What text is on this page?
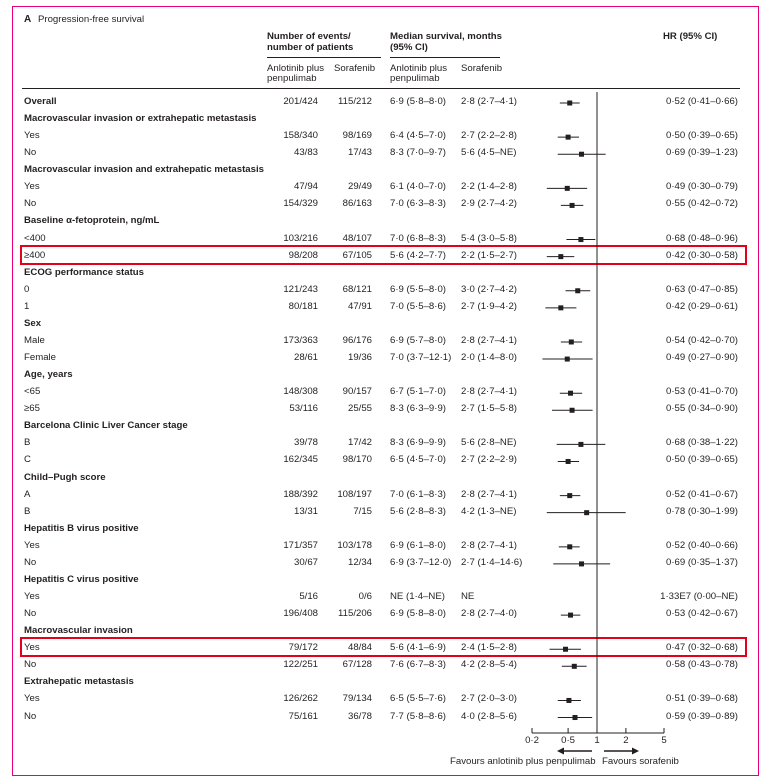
A Progression-free survival
Number of events/
number of patients
Median survival, months
(95% CI)
HR (95% CI)
Anlotinib plus
penpulimab
Sorafenib Anlotinib plus
penpulimab
Sorafenib
Overall	201/424 115/212 6·9 (5·8–8·0) 2·8 (2·7–4·1)	0·52 (0·41–0·66)
Macrovascular invasion or extrahepatic metastasis
Yes	158/340	98/169 6·4 (4·5–7·0) 2·7 (2·2–2·8)	0·50 (0·39–0·65)
No	43/83	17/43 8·3 (7·0–9·7) 5·6 (4·5–NE)	0·69 (0·39–1·23)
Macrovascular invasion and extrahepatic metastasis
Yes	47/94	29/49 6·1 (4·0–7·0) 2·2 (1·4–2·8)	0·49 (0·30–0·79)
No	154/329	86/163 7·0 (6·3–8·3) 2·9 (2·7–4·2)	0·55 (0·42–0·72)
Baseline α-fetoprotein, ng/mL
<400	103/216	48/107 7·0 (6·8–8·3) 5·4 (3·0–5·8)	0·68 (0·48–0·96)
≥400	98/208	67/105 5·6 (4·2–7·7) 2·2 (1·5–2·7)	0·42 (0·30–0·58)
ECOG performance status
0	121/243	68/121 6·9 (5·5–8·0) 3·0 (2·7–4·2)	0·63 (0·47–0·85)
1	80/181	47/91 7·0 (5·5–8·6) 2·7 (1·9–4·2)	0·42 (0·29–0·61)
Sex
Male	173/363	96/176 6·9 (5·7–8·0) 2·8 (2·7–4·1)	0·54 (0·42–0·70)
Female	28/61	19/36 7·0 (3·7–12·1) 2·0 (1·4–8·0)	0·49 (0·27–0·90)
Age, years
<65	148/308	90/157 6·7 (5·1–7·0) 2·8 (2·7–4·1)	0·53 (0·41–0·70)
≥65	53/116	25/55 8·3 (6·3–9·9) 2·7 (1·5–5·8)	0·55 (0·34–0·90)
Barcelona Clinic Liver Cancer stage
B	39/78	17/42 8·3 (6·9–9·9) 5·6 (2·8–NE)	0·68 (0·38–1·22)
C	162/345	98/170 6·5 (4·5–7·0) 2·7 (2·2–2·9)	0·50 (0·39–0·65)
Child–Pugh score
A	188/392 108/197 7·0 (6·1–8·3) 2·8 (2·7–4·1)	0·52 (0·41–0·67)
B	13/31	7/15 5·6 (2·8–8·3) 4·2 (1·3–NE)	0·78 (0·30–1·99)
Hepatitis B virus positive
Yes	171/357 103/178 6·9 (6·1–8·0) 2·8 (2·7–4·1)	0·52 (0·40–0·66)
No	30/67	12/34 6·9 (3·7–12·0) 2·7 (1·4–14·6)	0·69 (0·35–1·37)
Hepatitis C virus positive
Yes	5/16	0/6 NE (1·4–NE) NE	1·33E7 (0·00–NE)
No	196/408 115/206 6·9 (5·8–8·0) 2·8 (2·7–4·0)	0·53 (0·42–0·67)
Macrovascular invasion
Yes	79/172	48/84 5·6 (4·1–6·9) 2·4 (1·5–2·8)	0·47 (0·32–0·68)
No	122/251	67/128 7·6 (6·7–8·3) 4·2 (2·8–5·4)	0·58 (0·43–0·78)
Extrahepatic metastasis
Yes	126/262	79/134 6·5 (5·5–7·6) 2·7 (2·0–3·0)	0·51 (0·39–0·68)
No	75/161	36/78 7·7 (5·8–8·6) 4·0 (2·8–5·6)	0·59 (0·39–0·89)
0·2 0·5 1 2	5
Favours anlotinib plus penpulimab Favours sorafenib
